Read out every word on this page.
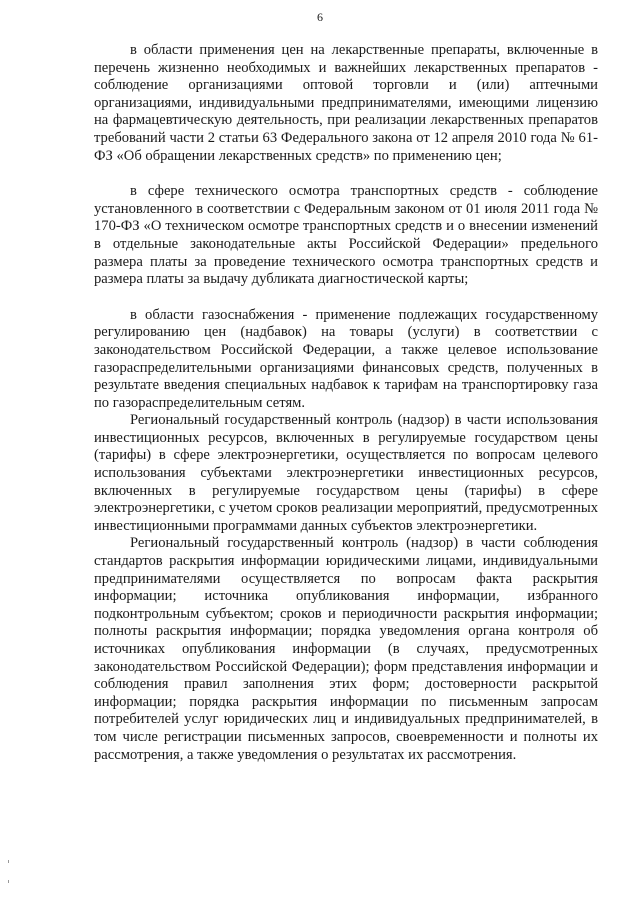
6

в области применения цен на лекарственные препараты, включенные в перечень жизненно необходимых и важнейших лекарственных препаратов - соблюдение организациями оптовой торговли и (или) аптечными организациями, индивидуальными предпринимателями, имеющими лицензию на фармацевтическую деятельность, при реализации лекарственных препаратов требований части 2 статьи 63 Федерального закона от 12 апреля 2010 года № 61-ФЗ «Об обращении лекарственных средств» по применению цен;

в сфере технического осмотра транспортных средств - соблюдение установленного в соответствии с Федеральным законом от 01 июля 2011 года № 170-ФЗ «О техническом осмотре транспортных средств и о внесении изменений в отдельные законодательные акты Российской Федерации» предельного размера платы за проведение технического осмотра транспортных средств и размера платы за выдачу дубликата диагностической карты;

в области газоснабжения - применение подлежащих государственному регулированию цен (надбавок) на товары (услуги) в соответствии с законодательством Российской Федерации, а также целевое использование газораспределительными организациями финансовых средств, полученных в результате введения специальных надбавок к тарифам на транспортировку газа по газораспределительным сетям.

Региональный государственный контроль (надзор) в части использования инвестиционных ресурсов, включенных в регулируемые государством цены (тарифы) в сфере электроэнергетики, осуществляется по вопросам целевого использования субъектами электроэнергетики инвестиционных ресурсов, включенных в регулируемые государством цены (тарифы) в сфере электроэнергетики, с учетом сроков реализации мероприятий, предусмотренных инвестиционными программами данных субъектов электроэнергетики.

Региональный государственный контроль (надзор) в части соблюдения стандартов раскрытия информации юридическими лицами, индивидуальными предпринимателями осуществляется по вопросам факта раскрытия информации; источника опубликования информации, избранного подконтрольным субъектом; сроков и периодичности раскрытия информации; полноты раскрытия информации; порядка уведомления органа контроля об источниках опубликования информации (в случаях, предусмотренных законодательством Российской Федерации); форм представления информации и соблюдения правил заполнения этих форм; достоверности раскрытой информации; порядка раскрытия информации по письменным запросам потребителей услуг юридических лиц и индивидуальных предпринимателей, в том числе регистрации письменных запросов, своевременности и полноты их рассмотрения, а также уведомления о результатах их рассмотрения.
